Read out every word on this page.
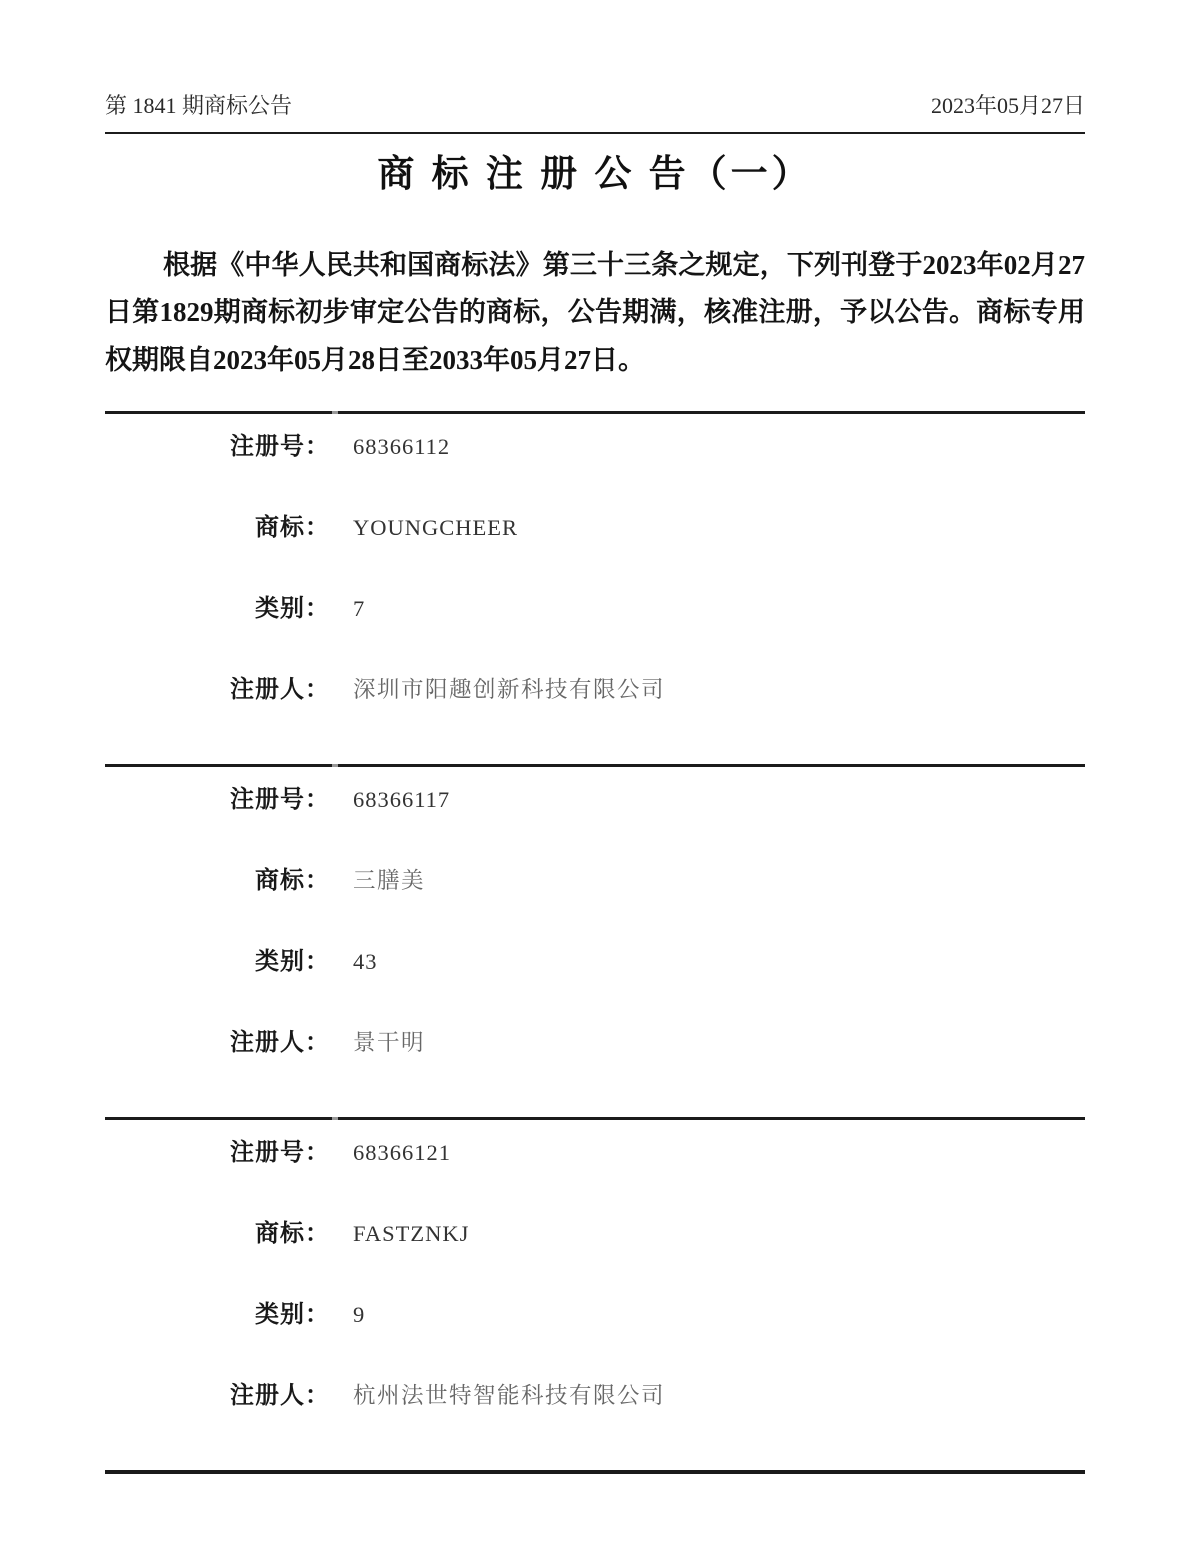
第 1841 期商标公告	2023年05月27日
商 标 注 册 公 告（一）

根据《中华人民共和国商标法》第三十三条之规定，下列刊登于2023年02月27日第1829期商标初步审定公告的商标，公告期满，核准注册，予以公告。商标专用权期限自2023年05月28日至2033年05月27日。

注册号： 68366112
商标： YOUNGCHEER
类别： 7
注册人： 深圳市阳趣创新科技有限公司
注册号： 68366117
商标： 三膳美
类别： 43
注册人： 景干明
注册号： 68366121
商标： FASTZNKJ
类别： 9
注册人： 杭州法世特智能科技有限公司
